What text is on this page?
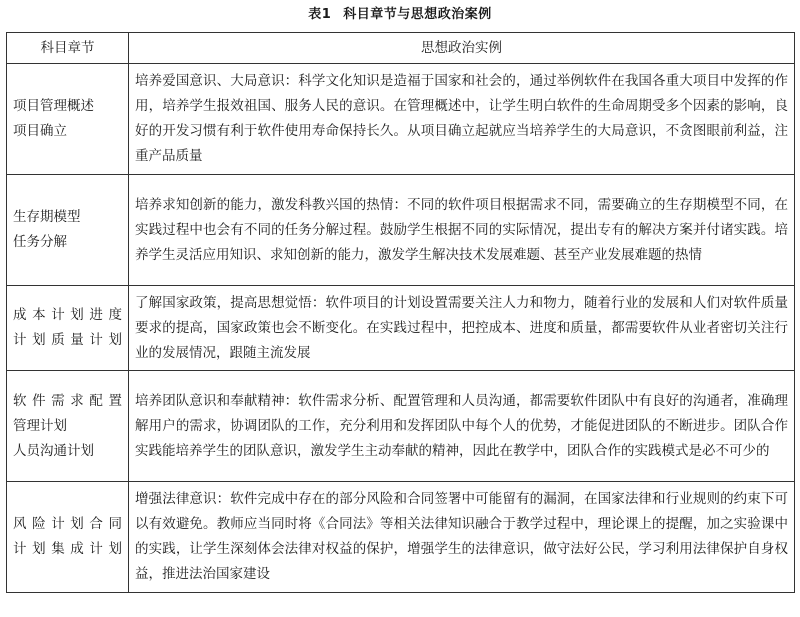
表1 科目章节与思想政治案例
科目章节	思想政治实例

项目管理概述
项目确立	培养爱国意识、大局意识：科学文化知识是造福于国家和社会的，通过举例软件在我国各重大项目中发挥的作用，培养学生报效祖国、服务人民的意识。在管理概述中，让学生明白软件的生命周期受多个因素的影响，良好的开发习惯有利于软件使用寿命保持长久。从项目确立起就应当培养学生的大局意识，不贪图眼前利益，注重产品质量

生存期模型
任务分解	培养求知创新的能力，激发科教兴国的热情：不同的软件项目根据需求不同，需要确立的生存期模型不同，在实践过程中也会有不同的任务分解过程。鼓励学生根据不同的实际情况，提出专有的解决方案并付诸实践。培养学生灵活应用知识、求知创新的能力，激发学生解决技术发展难题、甚至产业发展难题的热情

成本计划进度
计划质量计划	了解国家政策，提高思想觉悟：软件项目的计划设置需要关注人力和物力，随着行业的发展和人们对软件质量要求的提高，国家政策也会不断变化。在实践过程中，把控成本、进度和质量，都需要软件从业者密切关注行业的发展情况，跟随主流发展

软件需求配置
管理计划
人员沟通计划	培养团队意识和奉献精神：软件需求分析、配置管理和人员沟通，都需要软件团队中有良好的沟通者，准确理解用户的需求，协调团队的工作，充分利用和发挥团队中每个人的优势，才能促进团队的不断进步。团队合作实践能培养学生的团队意识，激发学生主动奉献的精神，因此在教学中，团队合作的实践模式是必不可少的

风险计划合同
计划集成计划	增强法律意识：软件完成中存在的部分风险和合同签署中可能留有的漏洞，在国家法律和行业规则的约束下可以有效避免。教师应当同时将《合同法》等相关法律知识融合于教学过程中，理论课上的提醒，加之实验课中的实践，让学生深刻体会法律对权益的保护，增强学生的法律意识，做守法好公民，学习利用法律保护自身权益，推进法治国家建设
